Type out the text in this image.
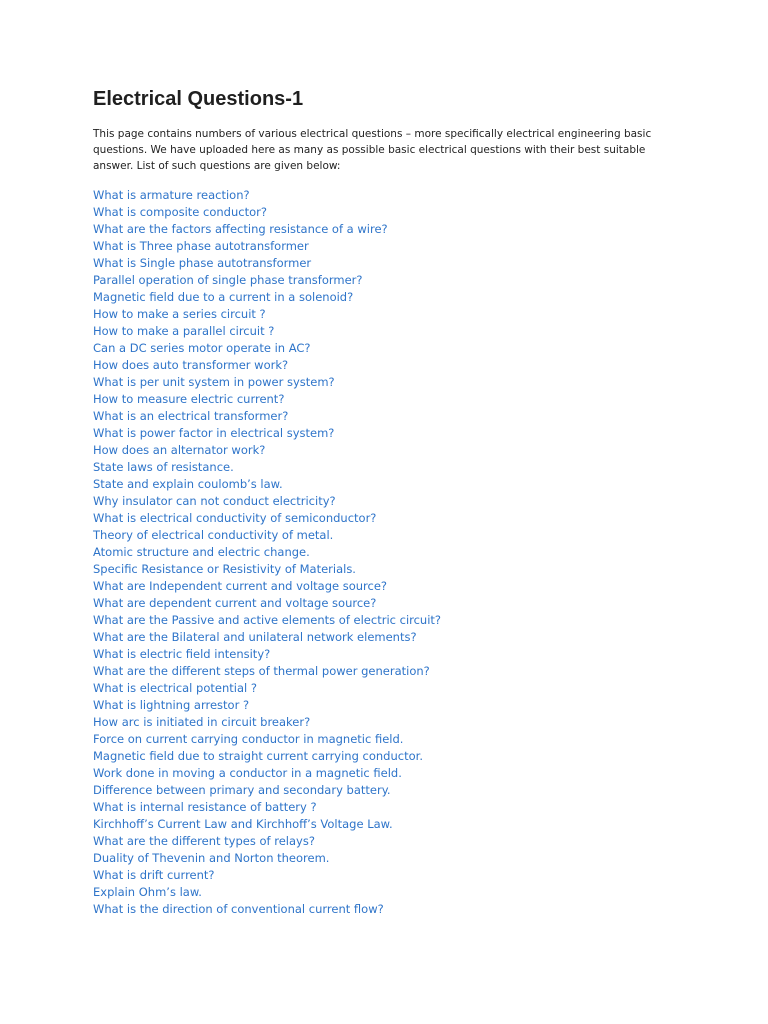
Electrical Questions-1

This page contains numbers of various electrical questions – more specifically electrical engineering basic questions. We have uploaded here as many as possible basic electrical questions with their best suitable answer. List of such questions are given below:

What is armature reaction?
What is composite conductor?
What are the factors affecting resistance of a wire?
What is Three phase autotransformer
What is Single phase autotransformer
Parallel operation of single phase transformer?
Magnetic field due to a current in a solenoid?
How to make a series circuit ?
How to make a parallel circuit ?
Can a DC series motor operate in AC?
How does auto transformer work?
What is per unit system in power system?
How to measure electric current?
What is an electrical transformer?
What is power factor in electrical system?
How does an alternator work?
State laws of resistance.
State and explain coulomb’s law.
Why insulator can not conduct electricity?
What is electrical conductivity of semiconductor?
Theory of electrical conductivity of metal.
Atomic structure and electric change.
Specific Resistance or Resistivity of Materials.
What are Independent current and voltage source?
What are dependent current and voltage source?
What are the Passive and active elements of electric circuit?
What are the Bilateral and unilateral network elements?
What is electric field intensity?
What are the different steps of thermal power generation?
What is electrical potential ?
What is lightning arrestor ?
How arc is initiated in circuit breaker?
Force on current carrying conductor in magnetic field.
Magnetic field due to straight current carrying conductor.
Work done in moving a conductor in a magnetic field.
Difference between primary and secondary battery.
What is internal resistance of battery ?
Kirchhoff’s Current Law and Kirchhoff’s Voltage Law.
What are the different types of relays?
Duality of Thevenin and Norton theorem.
What is drift current?
Explain Ohm’s law.
What is the direction of conventional current flow?
